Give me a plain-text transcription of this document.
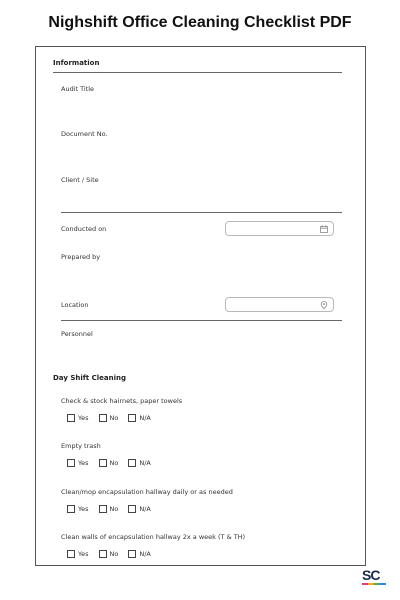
Nighshift Office Cleaning Checklist PDF
Information
Audit Title
Document No.
Client / Site
Conducted on
Prepared by
Location
Personnel
Day Shift Cleaning
Check & stock hairnets, paper towels
Yes	No	N/A
Empty trash
Yes	No	N/A
Clean/mop encapsulation hallway daily or as needed
Yes	No	N/A
Clean walls of encapsulation hallway 2x a week (T & TH)
Yes	No	N/A
SC
